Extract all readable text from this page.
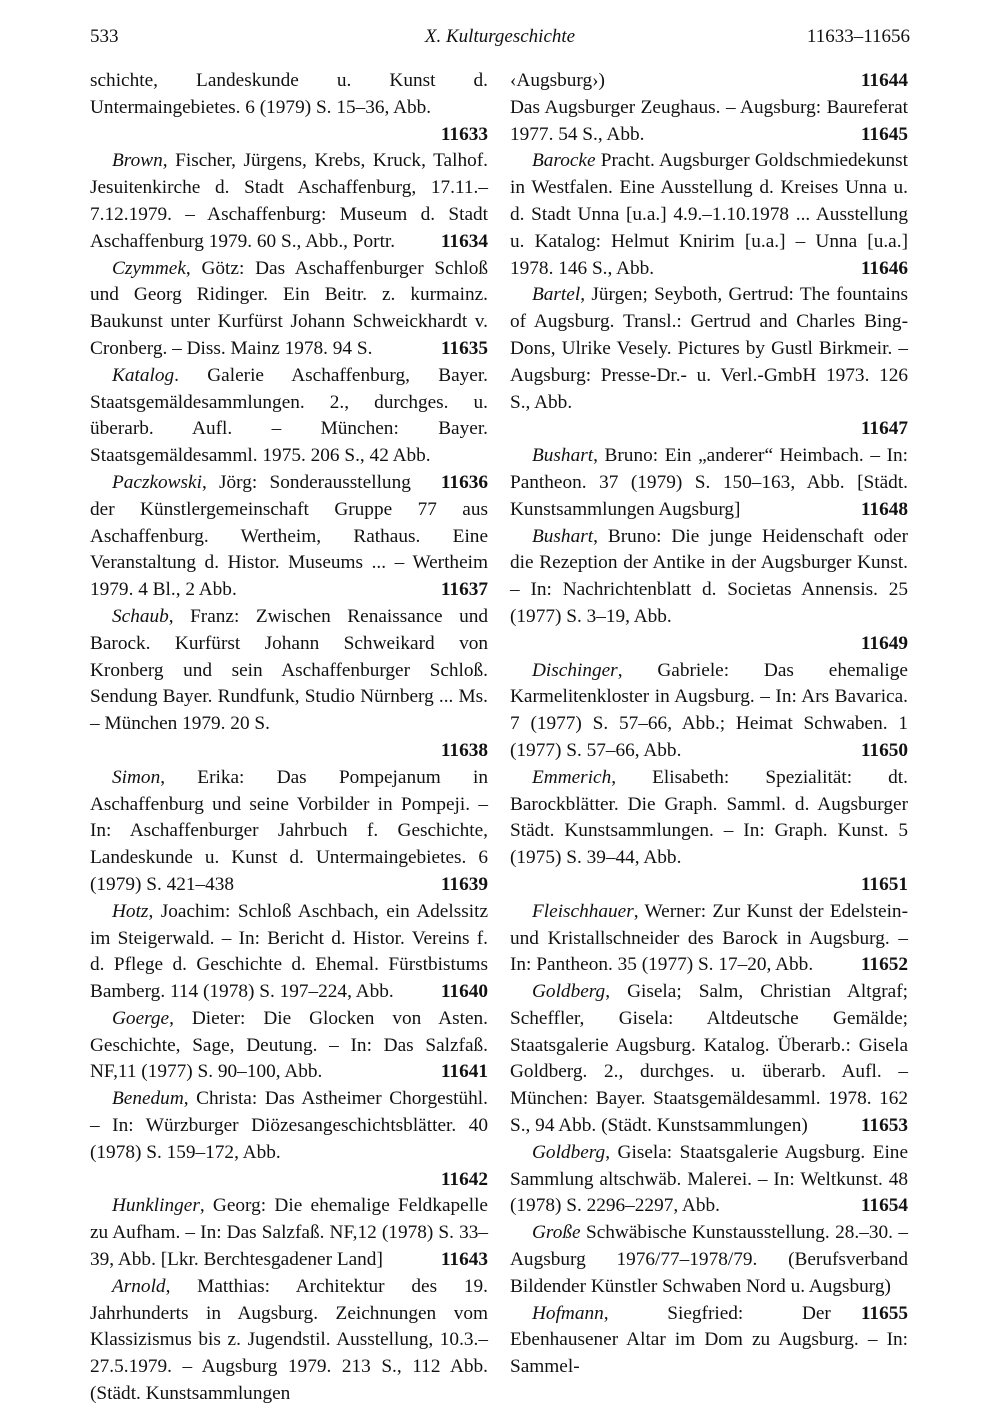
533	X. Kulturgeschichte	11633–11656

schichte, Landeskunde u. Kunst d. Untermaingebietes. 6 (1979) S. 15–36, Abb.
11633

Brown, Fischer, Jürgens, Krebs, Kruck, Talhof. Jesuitenkirche d. Stadt Aschaffenburg, 17.11.–7.12.1979. – Aschaffenburg: Museum d. Stadt Aschaffenburg 1979. 60 S., Abb., Portr.	11634

Czymmek, Götz: Das Aschaffenburger Schloß und Georg Ridinger. Ein Beitr. z. kurmainz. Baukunst unter Kurfürst Johann Schweickhardt v. Cronberg. – Diss. Mainz 1978. 94 S.	11635

Katalog. Galerie Aschaffenburg, Bayer. Staatsgemäldesammlungen. 2., durchges. u. überarb. Aufl. – München: Bayer. Staatsgemäldesamml. 1975. 206 S., 42 Abb.
11636

Paczkowski, Jörg: Sonderausstellung der Künstlergemeinschaft Gruppe 77 aus Aschaffenburg. Wertheim, Rathaus. Eine Veranstaltung d. Histor. Museums ... – Wertheim 1979. 4 Bl., 2 Abb.	11637

Schaub, Franz: Zwischen Renaissance und Barock. Kurfürst Johann Schweikard von Kronberg und sein Aschaffenburger Schloß. Sendung Bayer. Rundfunk, Studio Nürnberg ... Ms. – München 1979. 20 S.
11638

Simon, Erika: Das Pompejanum in Aschaffenburg und seine Vorbilder in Pompeji. – In: Aschaffenburger Jahrbuch f. Geschichte, Landeskunde u. Kunst d. Untermaingebietes. 6 (1979) S. 421–438	11639

Hotz, Joachim: Schloß Aschbach, ein Adelssitz im Steigerwald. – In: Bericht d. Histor. Vereins f. d. Pflege d. Geschichte d. Ehemal. Fürstbistums Bamberg. 114 (1978) S. 197–224, Abb.	11640

Goerge, Dieter: Die Glocken von Asten. Geschichte, Sage, Deutung. – In: Das Salzfaß. NF,11 (1977) S. 90–100, Abb.	11641

Benedum, Christa: Das Astheimer Chorgestühl. – In: Würzburger Diözesangeschichtsblätter. 40 (1978) S. 159–172, Abb.
11642

Hunklinger, Georg: Die ehemalige Feldkapelle zu Aufham. – In: Das Salzfaß. NF,12 (1978) S. 33–39, Abb. [Lkr. Berchtesgadener Land]	11643

Arnold, Matthias: Architektur des 19. Jahrhunderts in Augsburg. Zeichnungen vom Klassizismus bis z. Jugendstil. Ausstellung, 10.3.–27.5.1979. – Augsburg 1979. 213 S., 112 Abb. (Städt. Kunstsammlungen

‹Augsburg›)	11644

Das Augsburger Zeughaus. – Augsburg: Baureferat 1977. 54 S., Abb.	11645

Barocke Pracht. Augsburger Goldschmiedekunst in Westfalen. Eine Ausstellung d. Kreises Unna u. d. Stadt Unna [u.a.] 4.9.–1.10.1978 ... Ausstellung u. Katalog: Helmut Knirim [u.a.] – Unna [u.a.] 1978. 146 S., Abb.	11646

Bartel, Jürgen; Seyboth, Gertrud: The fountains of Augsburg. Transl.: Gertrud and Charles Bing-Dons, Ulrike Vesely. Pictures by Gustl Birkmeir. – Augsburg: Presse-Dr.- u. Verl.-GmbH 1973. 126 S., Abb.
11647

Bushart, Bruno: Ein „anderer“ Heimbach. – In: Pantheon. 37 (1979) S. 150–163, Abb. [Städt. Kunstsammlungen Augsburg]	11648

Bushart, Bruno: Die junge Heidenschaft oder die Rezeption der Antike in der Augsburger Kunst. – In: Nachrichtenblatt d. Societas Annensis. 25 (1977) S. 3–19, Abb.
11649

Dischinger, Gabriele: Das ehemalige Karmelitenkloster in Augsburg. – In: Ars Bavarica. 7 (1977) S. 57–66, Abb.; Heimat Schwaben. 1 (1977) S. 57–66, Abb.	11650

Emmerich, Elisabeth: Spezialität: dt. Barockblätter. Die Graph. Samml. d. Augsburger Städt. Kunstsammlungen. – In: Graph. Kunst. 5 (1975) S. 39–44, Abb.
11651

Fleischhauer, Werner: Zur Kunst der Edelstein- und Kristallschneider des Barock in Augsburg. – In: Pantheon. 35 (1977) S. 17–20, Abb.	11652

Goldberg, Gisela; Salm, Christian Altgraf; Scheffler, Gisela: Altdeutsche Gemälde; Staatsgalerie Augsburg. Katalog. Überarb.: Gisela Goldberg. 2., durchges. u. überarb. Aufl. – München: Bayer. Staatsgemäldesamml. 1978. 162 S., 94 Abb. (Städt. Kunstsammlungen)	11653

Goldberg, Gisela: Staatsgalerie Augsburg. Eine Sammlung altschwäb. Malerei. – In: Weltkunst. 48 (1978) S. 2296–2297, Abb.	11654

Große Schwäbische Kunstausstellung. 28.–30. – Augsburg 1976/77–1978/79. (Berufsverband Bildender Künstler Schwaben Nord u. Augsburg)
11655

Hofmann, Siegfried: Der Ebenhausener Altar im Dom zu Augsburg. – In: Sammel-
